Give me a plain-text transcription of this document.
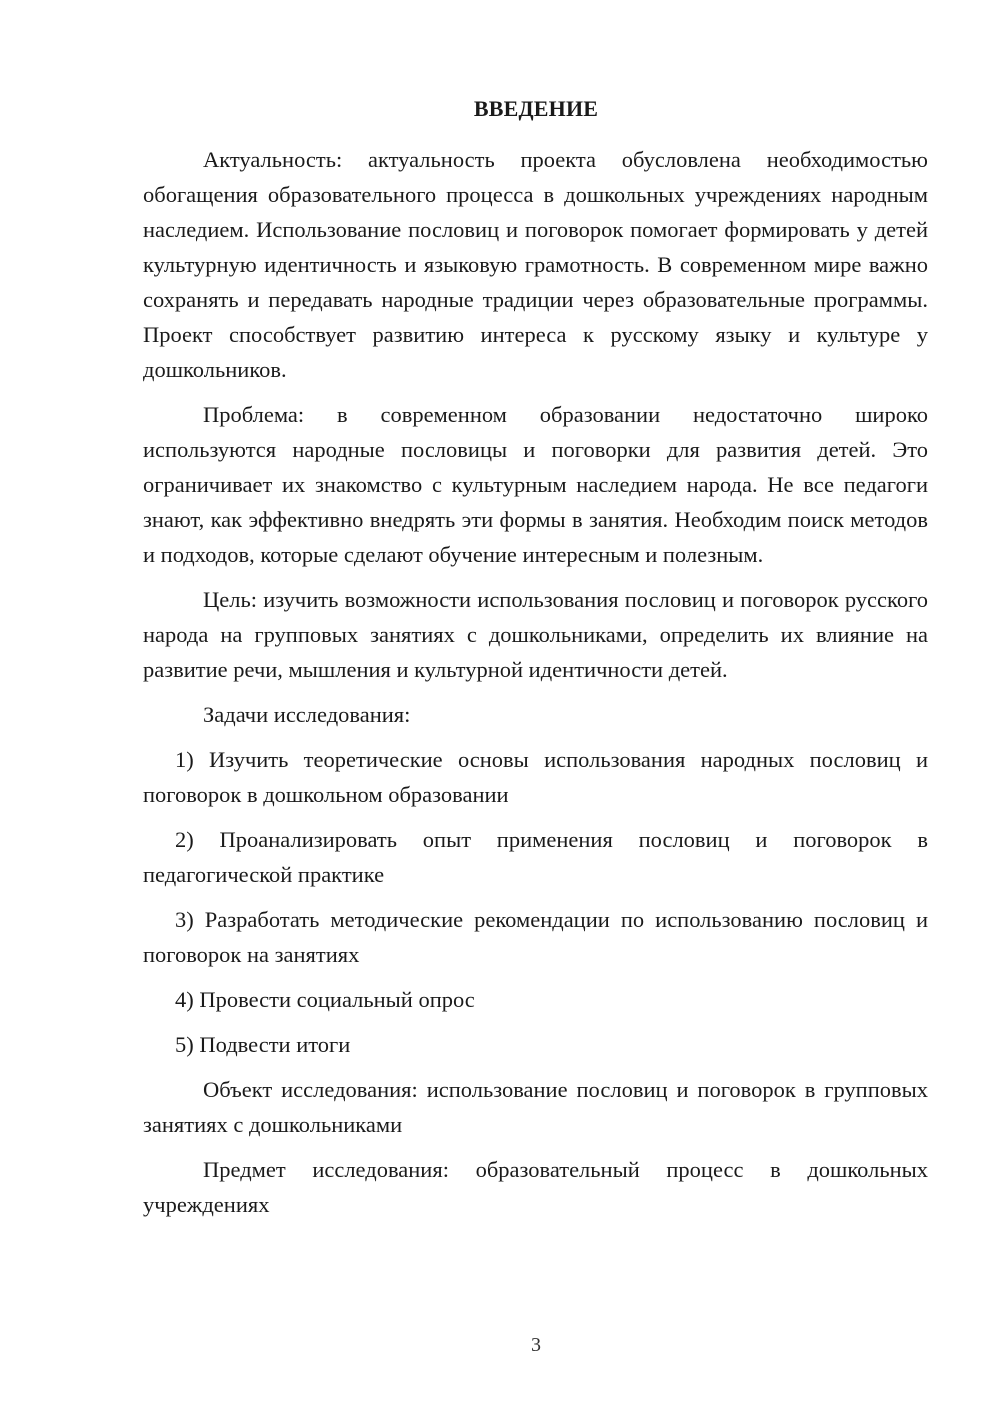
ВВЕДЕНИЕ

Актуальность: актуальность проекта обусловлена необходимостью обогащения образовательного процесса в дошкольных учреждениях народным наследием. Использование пословиц и поговорок помогает формировать у детей культурную идентичность и языковую грамотность. В современном мире важно сохранять и передавать народные традиции через образовательные программы. Проект способствует развитию интереса к русскому языку и культуре у дошкольников.

Проблема: в современном образовании недостаточно широко используются народные пословицы и поговорки для развития детей. Это ограничивает их знакомство с культурным наследием народа. Не все педагоги знают, как эффективно внедрять эти формы в занятия. Необходим поиск методов и подходов, которые сделают обучение интересным и полезным.

Цель: изучить возможности использования пословиц и поговорок русского народа на групповых занятиях с дошкольниками, определить их влияние на развитие речи, мышления и культурной идентичности детей.

Задачи исследования:

1) Изучить теоретические основы использования народных пословиц и поговорок в дошкольном образовании

2) Проанализировать опыт применения пословиц и поговорок в педагогической практике

3) Разработать методические рекомендации по использованию пословиц и поговорок на занятиях

4) Провести социальный опрос

5) Подвести итоги

Объект исследования: использование пословиц и поговорок в групповых занятиях с дошкольниками

Предмет исследования: образовательный процесс в дошкольных учреждениях

3
